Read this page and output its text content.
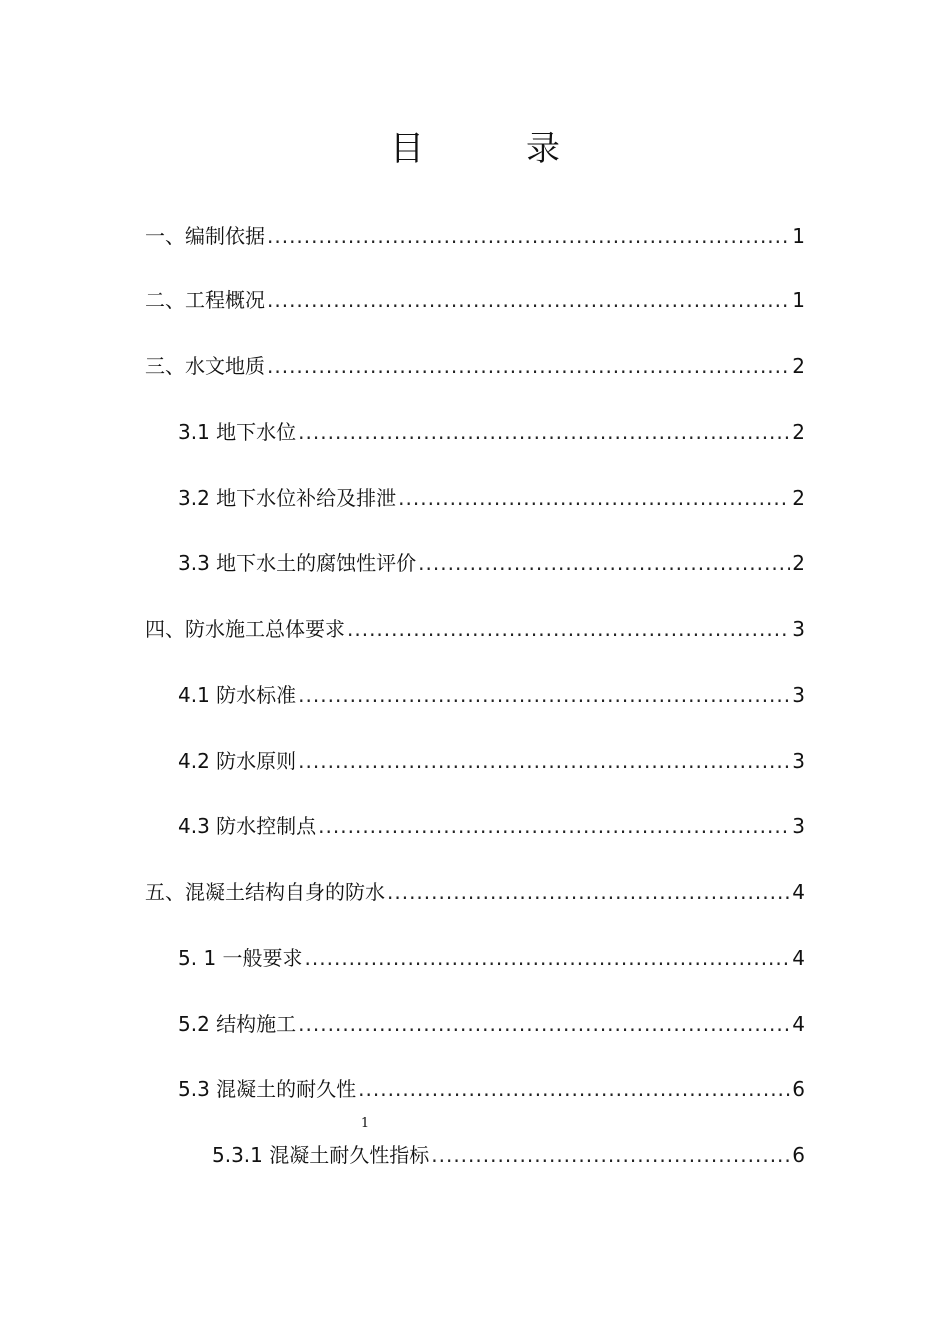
目　录
一、编制依据 .....	1
二、工程概况 .....	1
三、水文地质 .....	2
3.1 地下水位 .....	2
3.2 地下水位补给及排泄 .....	2
3.3 地下水土的腐蚀性评价 .....	2
四、防水施工总体要求 .....	3
4.1 防水标准 .....	3
4.2 防水原则 .....	3
4.3 防水控制点 .....	3
五、混凝土结构自身的防水 .....	4
5. 1 一般要求 .....	4
5.2 结构施工 .....	4
5.3 混凝土的耐久性 .....	6
5.3.1 混凝土耐久性指标 .....	6
1
